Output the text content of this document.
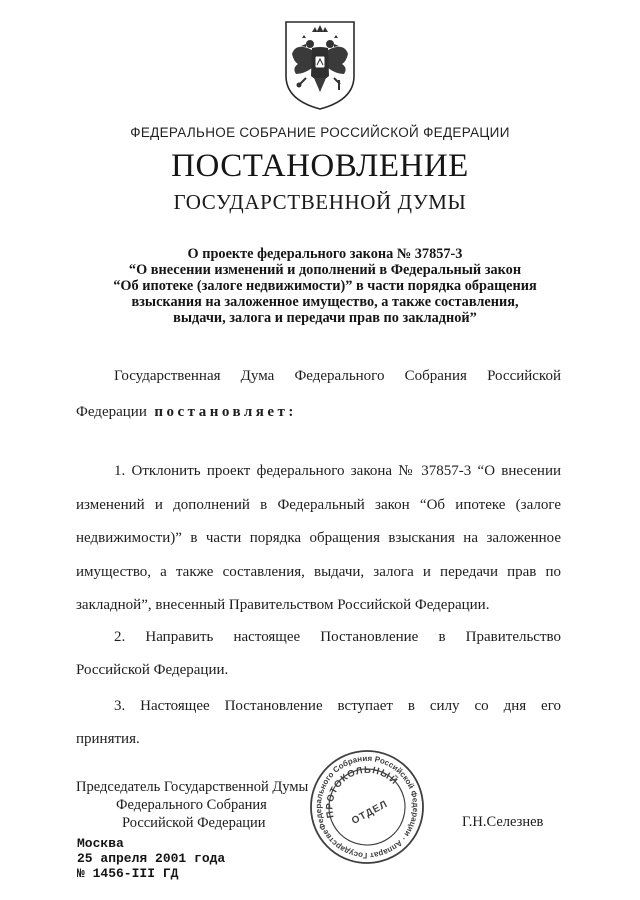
ФЕДЕРАЛЬНОЕ СОБРАНИЕ РОССИЙСКОЙ ФЕДЕРАЦИИ
ПОСТАНОВЛЕНИЕ
ГОСУДАРСТВЕННОЙ ДУМЫ
О проекте федерального закона № 37857-3
“О внесении изменений и дополнений в Федеральный закон
“Об ипотеке (залоге недвижимости)” в части порядка обращения
взыскания на заложенное имущество, а также составления,
выдачи, залога и передачи прав по закладной”
Государственная Дума Федерального Собрания Российской
Федерации постановляет:
1. Отклонить проект федерального закона № 37857-3 “О внесении
изменений и дополнений в Федеральный закон “Об ипотеке (залоге
недвижимости)” в части порядка обращения взыскания на заложенное
имущество, а также составления, выдачи, залога и передачи прав по
закладной”, внесенный Правительством Российской Федерации.
2. Направить настоящее Постановление в Правительство
Российской Федерации.
3. Настоящее Постановление вступает в силу со дня его
принятия.
Председатель Государственной Думы
Федерального Собрания
Российской Федерации	Г.Н.Селезнев
Москва
25 апреля 2001 года
№ 1456-III ГД
Федерального Собрания Российской Федерации · Аппарат Государственной
ПРОТОКОЛЬНЫЙ
ОТДЕЛ
